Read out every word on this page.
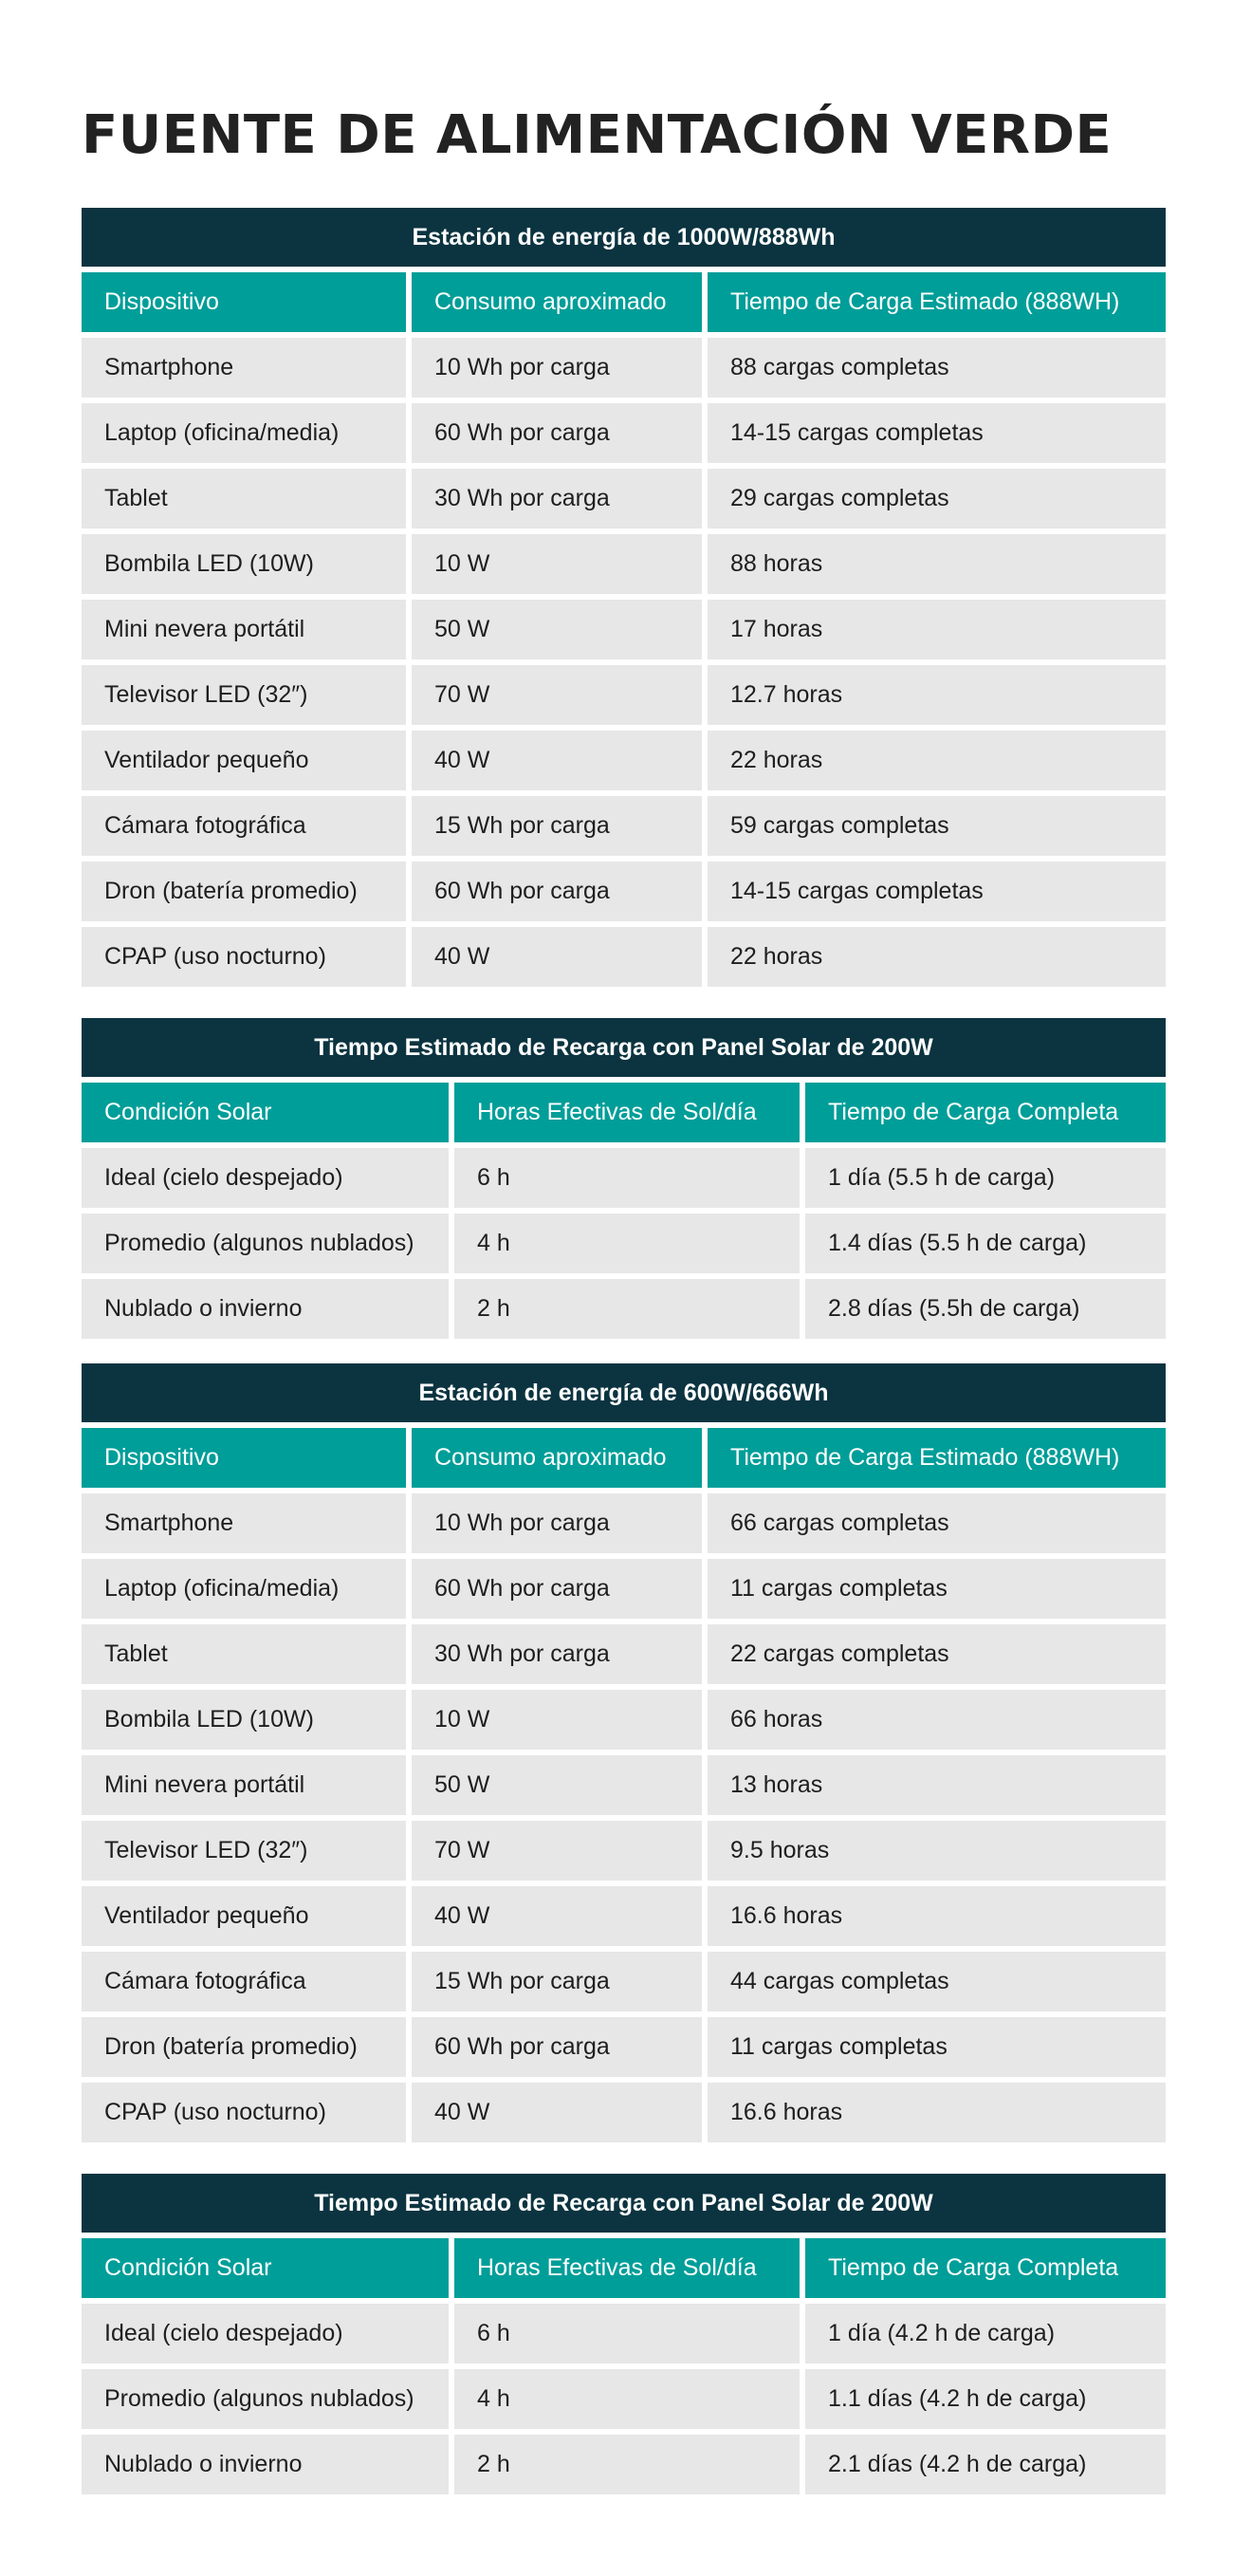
FUENTE DE ALIMENTACIÓN VERDE
Estación de energía de 1000W/888Wh
Dispositivo	Consumo aproximado	Tiempo de Carga Estimado (888WH)
Smartphone	10 Wh por carga	88 cargas completas
Laptop (oficina/media)	60 Wh por carga	14-15 cargas completas
Tablet	30 Wh por carga	29 cargas completas
Bombila LED (10W)	10 W	88 horas
Mini nevera portátil	50 W	17 horas
Televisor LED (32″)	70 W	12.7 horas
Ventilador pequeño	40 W	22 horas
Cámara fotográfica	15 Wh por carga	59 cargas completas
Dron (batería promedio)	60 Wh por carga	14-15 cargas completas
CPAP (uso nocturno)	40 W	22 horas
Tiempo Estimado de Recarga con Panel Solar de 200W
Condición Solar	Horas Efectivas de Sol/día	Tiempo de Carga Completa
Ideal (cielo despejado)	6 h	1 día (5.5 h de carga)
Promedio (algunos nublados)	4 h	1.4 días (5.5 h de carga)
Nublado o invierno	2 h	2.8 días (5.5h de carga)
Estación de energía de 600W/666Wh
Dispositivo	Consumo aproximado	Tiempo de Carga Estimado (888WH)
Smartphone	10 Wh por carga	66 cargas completas
Laptop (oficina/media)	60 Wh por carga	11 cargas completas
Tablet	30 Wh por carga	22 cargas completas
Bombila LED (10W)	10 W	66 horas
Mini nevera portátil	50 W	13 horas
Televisor LED (32″)	70 W	9.5 horas
Ventilador pequeño	40 W	16.6 horas
Cámara fotográfica	15 Wh por carga	44 cargas completas
Dron (batería promedio)	60 Wh por carga	11 cargas completas
CPAP (uso nocturno)	40 W	16.6 horas
Tiempo Estimado de Recarga con Panel Solar de 200W
Condición Solar	Horas Efectivas de Sol/día	Tiempo de Carga Completa
Ideal (cielo despejado)	6 h	1 día (4.2 h de carga)
Promedio (algunos nublados)	4 h	1.1 días (4.2 h de carga)
Nublado o invierno	2 h	2.1 días (4.2 h de carga)
